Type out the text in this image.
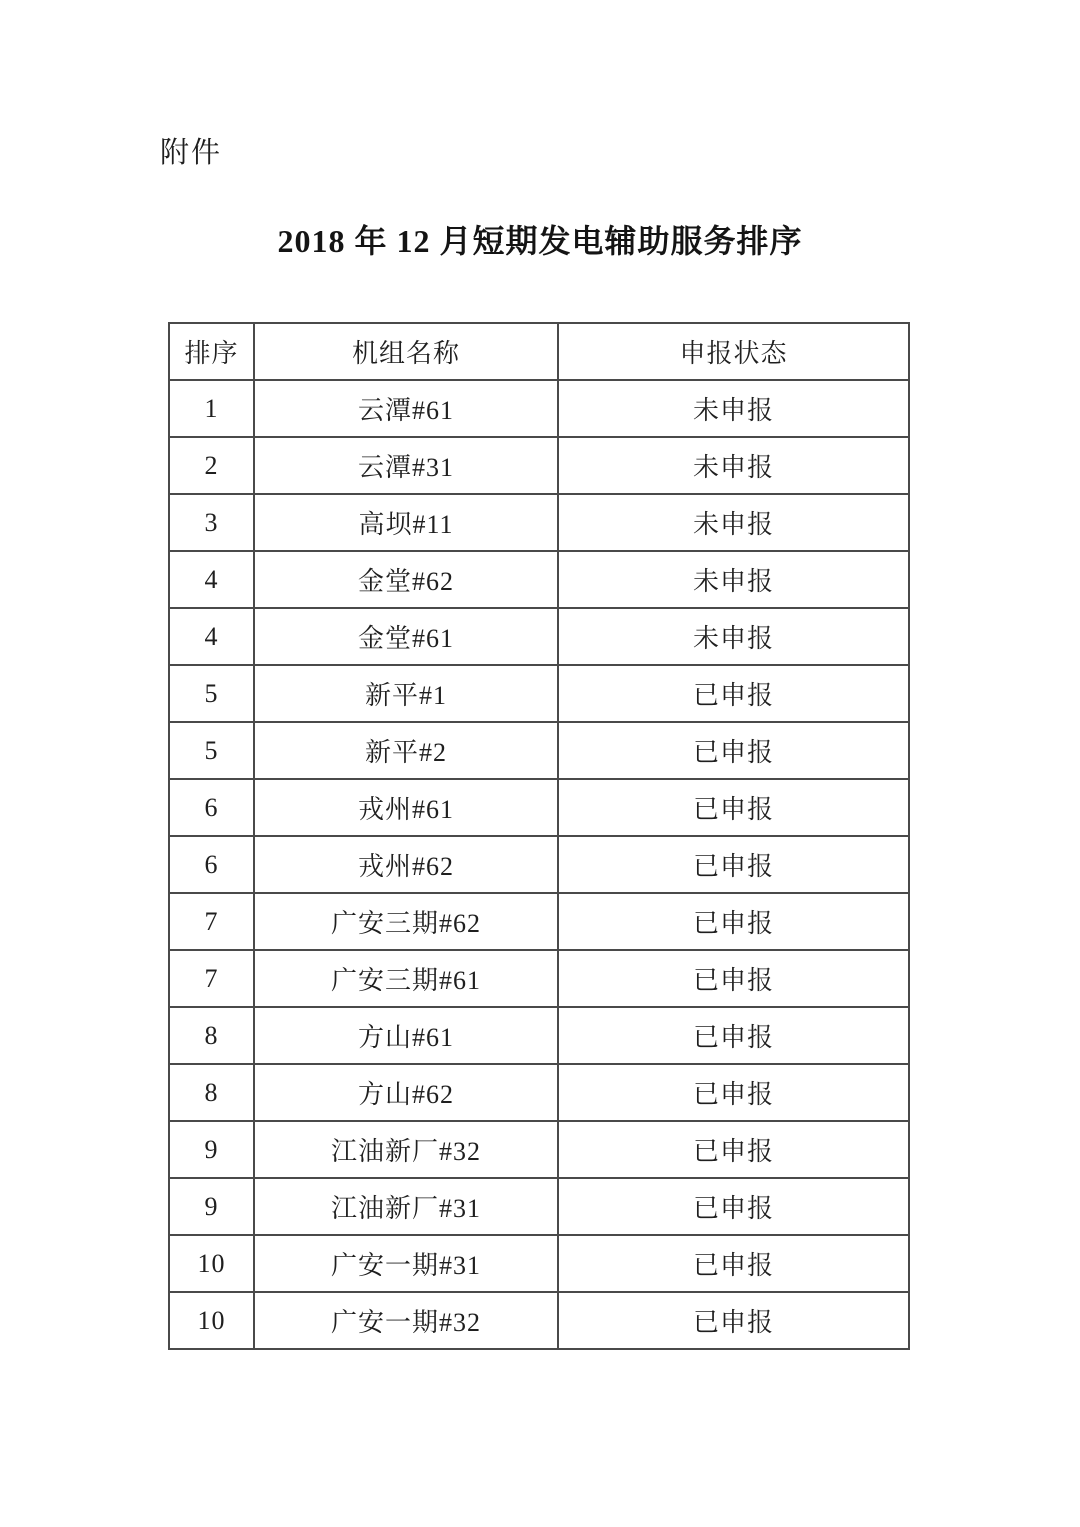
附件
2018 年 12 月短期发电辅助服务排序
排序	机组名称	申报状态
1	云潭#61	未申报
2	云潭#31	未申报
3	高坝#11	未申报
4	金堂#62	未申报
4	金堂#61	未申报
5	新平#1	已申报
5	新平#2	已申报
6	戎州#61	已申报
6	戎州#62	已申报
7	广安三期#62	已申报
7	广安三期#61	已申报
8	方山#61	已申报
8	方山#62	已申报
9	江油新厂#32	已申报
9	江油新厂#31	已申报
10	广安一期#31	已申报
10	广安一期#32	已申报
